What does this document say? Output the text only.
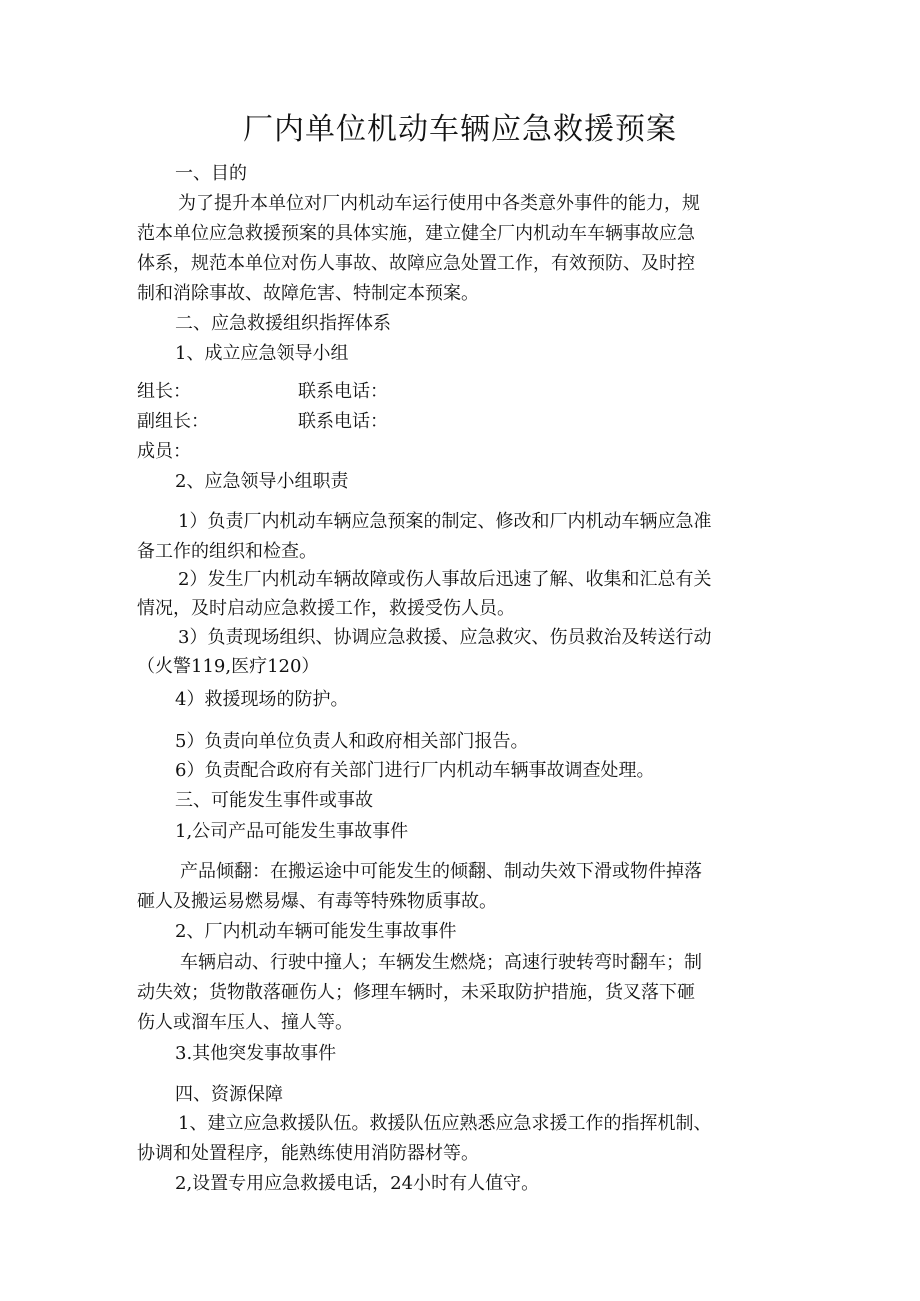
厂内单位机动车辆应急救援预案
一、目的
为了提升本单位对厂内机动车运行使用中各类意外事件的能力，规
范本单位应急救援预案的具体实施，建立健全厂内机动车车辆事故应急
体系，规范本单位对伤人事故、故障应急处置工作，有效预防、及时控
制和消除事故、故障危害、特制定本预案。
二、应急救援组织指挥体系
1、成立应急领导小组
组长：	联系电话：
副组长：	联系电话：
成员：
2、应急领导小组职责
1）负责厂内机动车辆应急预案的制定、修改和厂内机动车辆应急准
备工作的组织和检查。
2）发生厂内机动车辆故障或伤人事故后迅速了解、收集和汇总有关
情况，及时启动应急救援工作，救援受伤人员。
3）负责现场组织、协调应急救援、应急救灾、伤员救治及转送行动
（火警119,医疗120）
4）救援现场的防护。
5）负责向单位负责人和政府相关部门报告。
6）负责配合政府有关部门进行厂内机动车辆事故调查处理。
三、可能发生事件或事故
1,公司产品可能发生事故事件
产品倾翻：在搬运途中可能发生的倾翻、制动失效下滑或物件掉落
砸人及搬运易燃易爆、有毒等特殊物质事故。
2、厂内机动车辆可能发生事故事件
车辆启动、行驶中撞人；车辆发生燃烧；高速行驶转弯时翻车；制
动失效；货物散落砸伤人；修理车辆时，未采取防护措施，货叉落下砸
伤人或溜车压人、撞人等。
3.其他突发事故事件
四、资源保障
1、建立应急救援队伍。救援队伍应熟悉应急求援工作的指挥机制、
协调和处置程序，能熟练使用消防器材等。
2,设置专用应急救援电话，24小时有人值守。
